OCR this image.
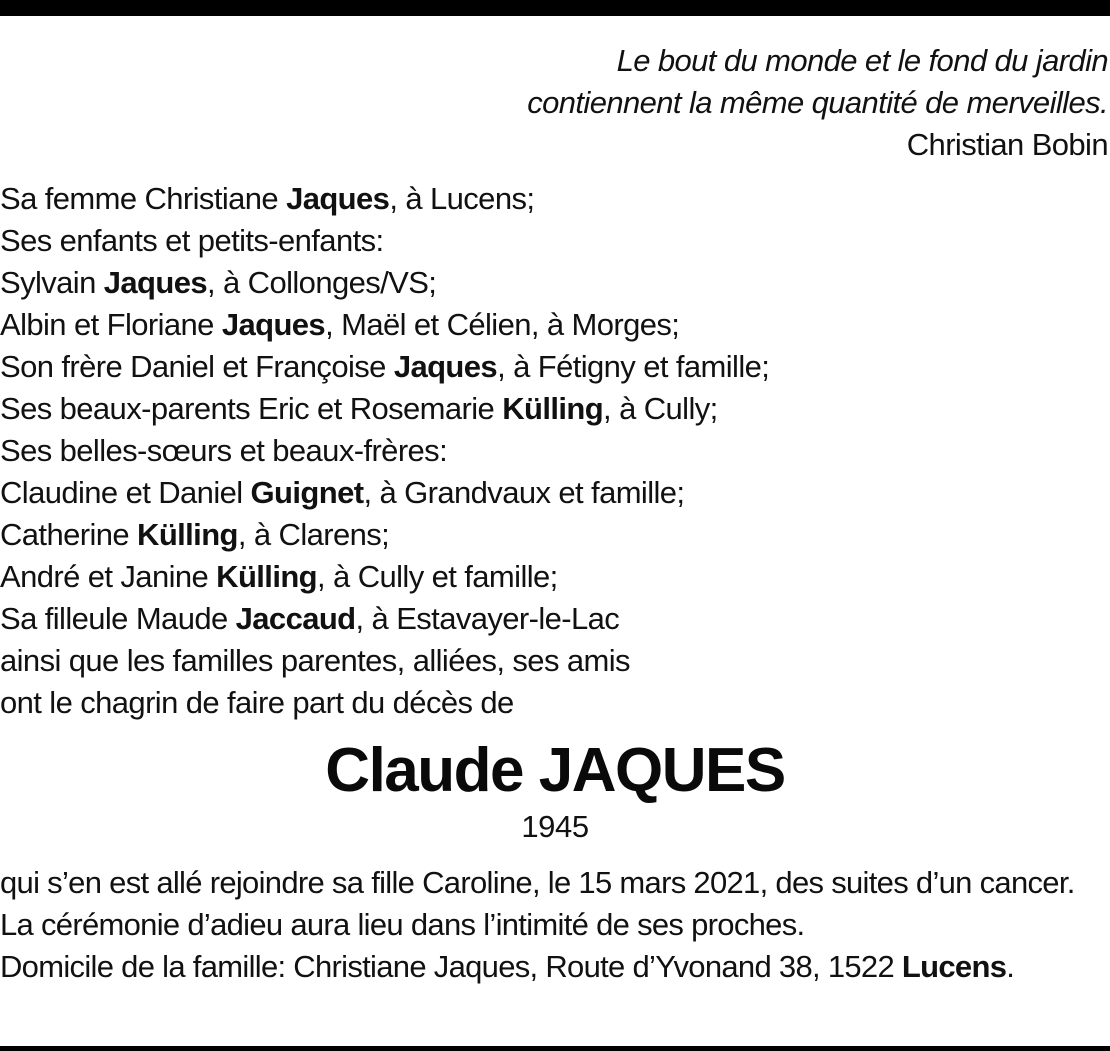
Le bout du monde et le fond du jardin
contiennent la même quantité de merveilles.
Christian Bobin
Sa femme Christiane Jaques, à Lucens;
Ses enfants et petits-enfants:
Sylvain Jaques, à Collonges/VS;
Albin et Floriane Jaques, Maël et Célien, à Morges;
Son frère Daniel et Françoise Jaques, à Fétigny et famille;
Ses beaux-parents Eric et Rosemarie Külling, à Cully;
Ses belles-sœurs et beaux-frères:
Claudine et Daniel Guignet, à Grandvaux et famille;
Catherine Külling, à Clarens;
André et Janine Külling, à Cully et famille;
Sa filleule Maude Jaccaud, à Estavayer-le-Lac
ainsi que les familles parentes, alliées, ses amis
ont le chagrin de faire part du décès de
Claude JAQUES
1945
qui s’en est allé rejoindre sa fille Caroline, le 15 mars 2021, des suites d’un cancer.
La cérémonie d’adieu aura lieu dans l’intimité de ses proches.
Domicile de la famille: Christiane Jaques, Route d’Yvonand 38, 1522 Lucens.
